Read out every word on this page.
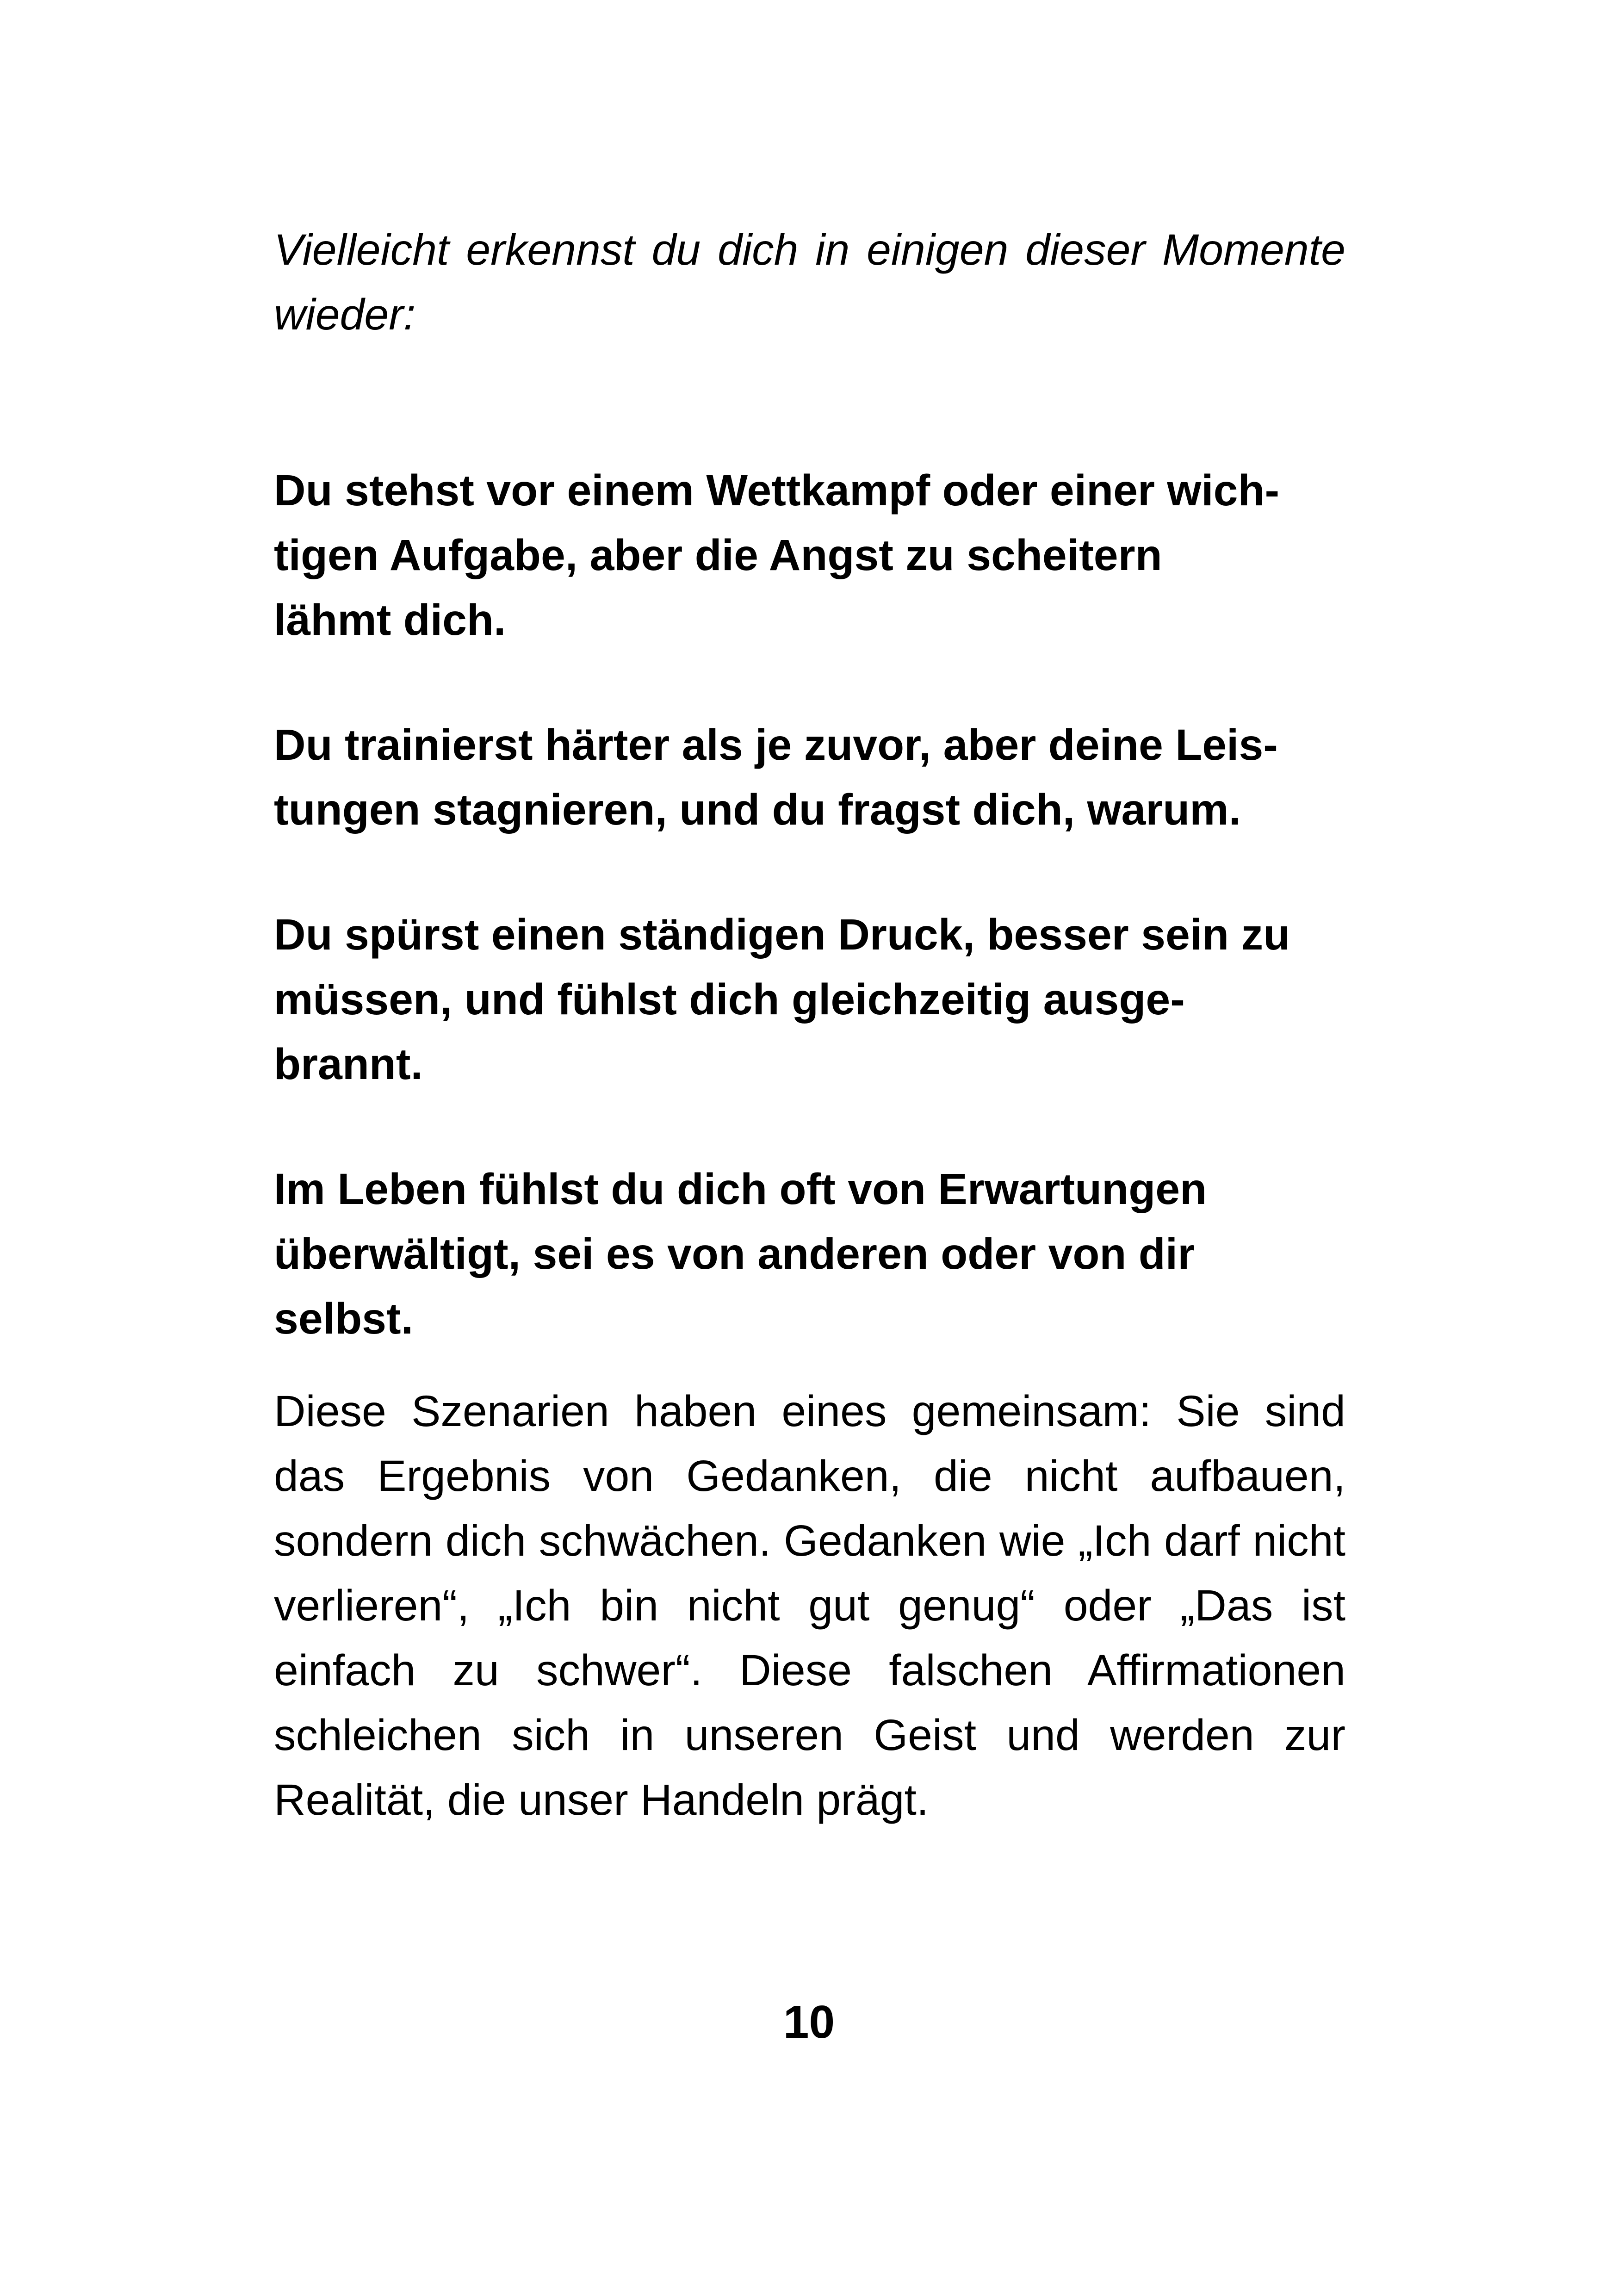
Vielleicht erkennst du dich in einigen dieser Momente wieder:

Du stehst vor einem Wettkampf oder einer wich-
tigen Aufgabe, aber die Angst zu scheitern
lähmt dich.

Du trainierst härter als je zuvor, aber deine Leis-
tungen stagnieren, und du fragst dich, warum.

Du spürst einen ständigen Druck, besser sein zu
müssen, und fühlst dich gleichzeitig ausge-
brannt.

Im Leben fühlst du dich oft von Erwartungen
überwältigt, sei es von anderen oder von dir
selbst.

Diese Szenarien haben eines gemeinsam: Sie sind das Ergebnis von Gedanken, die nicht aufbauen, sondern dich schwächen. Gedanken wie „Ich darf nicht verlieren“, „Ich bin nicht gut genug“ oder „Das ist einfach zu schwer“. Diese falschen Affirmationen schleichen sich in unseren Geist und werden zur Realität, die unser Handeln prägt.

10
